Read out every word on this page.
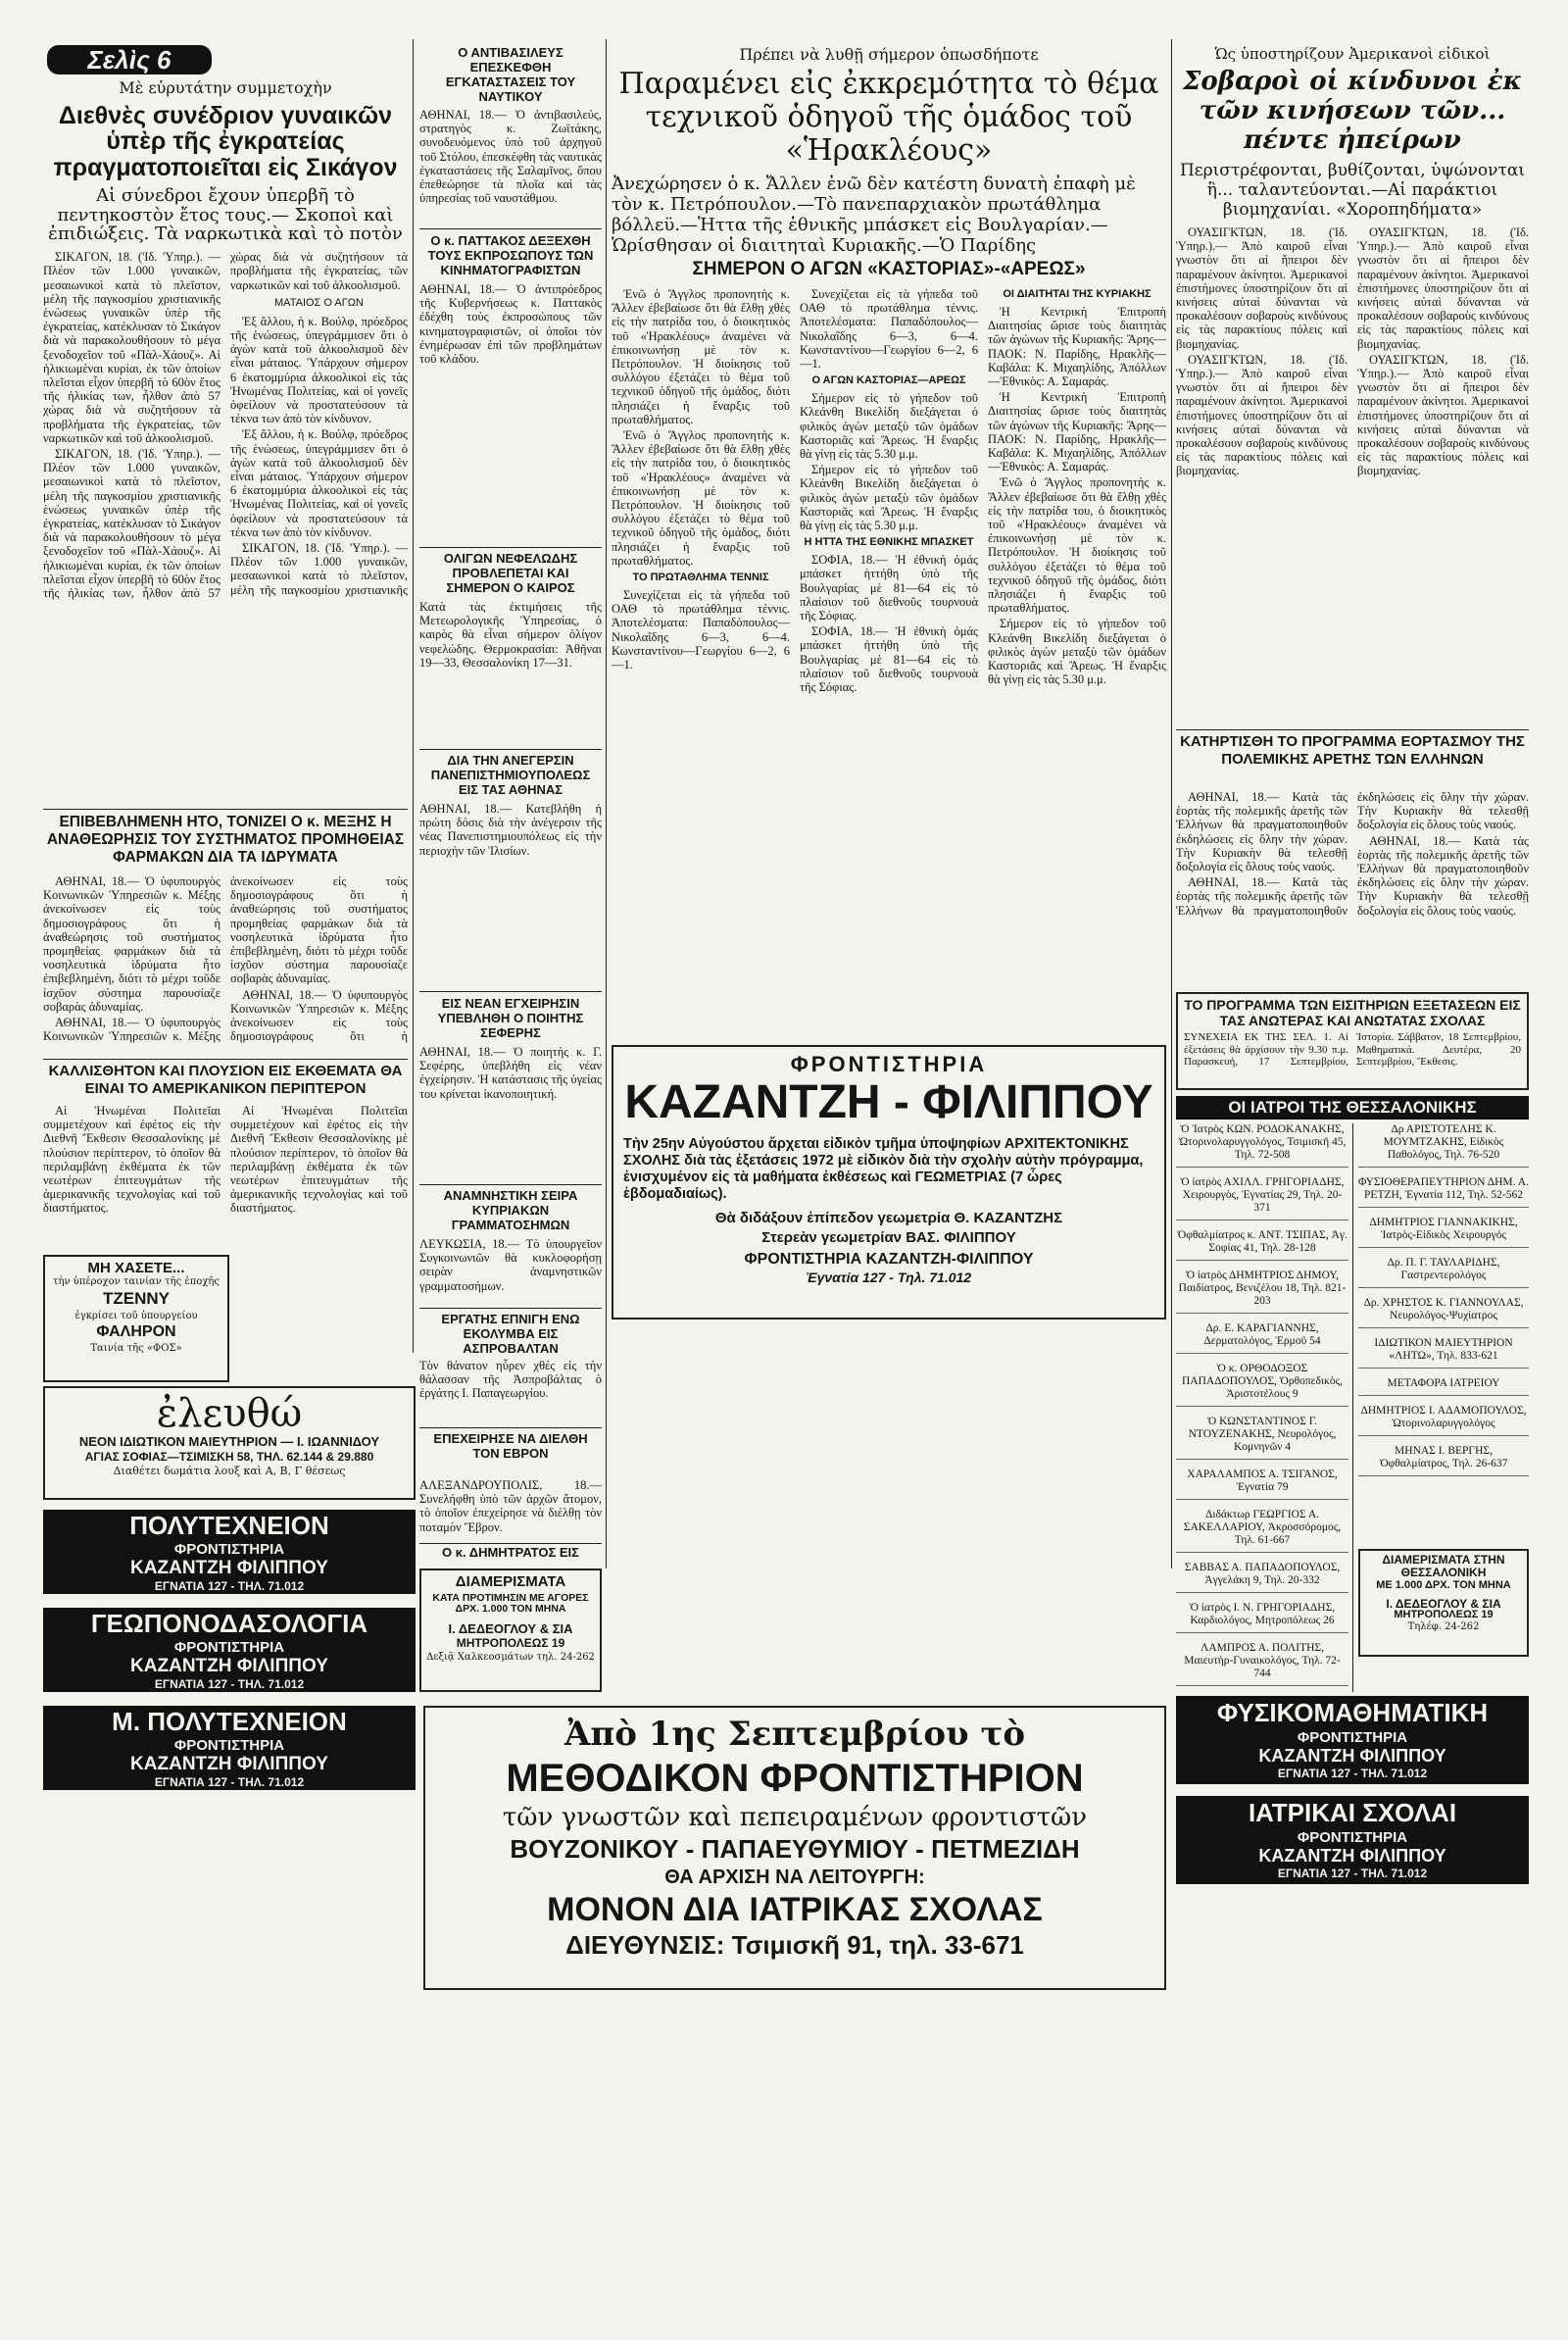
Σελὶς 6
Μὲ εὐρυτάτην συμμετοχὴν
Διεθνὲς συνέδριον γυναικῶν ὑπὲρ τῆς ἐγκρατείας πραγματοποιεῖται εἰς Σικάγον
Αἱ σύνεδροι ἔχουν ὑπερβῆ τὸ πεντηκοστὸν ἔτος τους.— Σκοποὶ καὶ ἐπιδιώξεις. Τὰ ναρκωτικὰ καὶ τὸ ποτὸν

ΣΙΚΑΓΟΝ, 18. ('Ιδ. 'Υπηρ.). — Πλέον τῶν 1.000 γυναικῶν, μεσαιωνικοὶ κατὰ τὸ πλεῖστον, μέλη τῆς παγκοσμίου χριστιανικῆς ἑνώσεως γυναικῶν ὑπὲρ τῆς ἐγκρατείας, κατέκλυσαν τὸ Σικάγον διὰ νὰ παρακολουθήσουν τὸ μέγα ξενοδοχεῖον τοῦ «Πὰλ-Χάουζ». Αἱ ἡλικιωμέναι κυρίαι, ἐκ τῶν ὁποίων πλεῖσται εἶχον ὑπερβῆ τὸ 60ὸν ἔτος τῆς ἡλικίας των, ἦλθον ἀπὸ 57 χώρας διὰ νὰ συζητήσουν τὰ προβλήματα τῆς ἐγκρατείας, τῶν ναρκωτικῶν καὶ τοῦ ἀλκοολισμοῦ.

ΣΙΚΑΓΟΝ, 18. ('Ιδ. 'Υπηρ.). — Πλέον τῶν 1.000 γυναικῶν, μεσαιωνικοὶ κατὰ τὸ πλεῖστον, μέλη τῆς παγκοσμίου χριστιανικῆς ἑνώσεως γυναικῶν ὑπὲρ τῆς ἐγκρατείας, κατέκλυσαν τὸ Σικάγον διὰ νὰ παρακολουθήσουν τὸ μέγα ξενοδοχεῖον τοῦ «Πὰλ-Χάουζ». Αἱ ἡλικιωμέναι κυρίαι, ἐκ τῶν ὁποίων πλεῖσται εἶχον ὑπερβῆ τὸ 60ὸν ἔτος τῆς ἡλικίας των, ἦλθον ἀπὸ 57 χώρας διὰ νὰ συζητήσουν τὰ προβλήματα τῆς ἐγκρατείας, τῶν ναρκωτικῶν καὶ τοῦ ἀλκοολισμοῦ.

ΜΑΤΑΙΟΣ Ο ΑΓΩΝ

Ἐξ ἄλλου, ἡ κ. Βούλφ, πρόεδρος τῆς ἑνώσεως, ὑπεγράμμισεν ὅτι ὁ ἀγὼν κατὰ τοῦ ἀλκοολισμοῦ δὲν εἶναι μάταιος. Ὑπάρχουν σήμερον 6 ἑκατομμύρια ἀλκοολικοὶ εἰς τὰς Ἡνωμένας Πολιτείας, καὶ οἱ γονεῖς ὀφείλουν νὰ προστατεύσουν τὰ τέκνα των ἀπὸ τὸν κίνδυνον.

Ἐξ ἄλλου, ἡ κ. Βούλφ, πρόεδρος τῆς ἑνώσεως, ὑπεγράμμισεν ὅτι ὁ ἀγὼν κατὰ τοῦ ἀλκοολισμοῦ δὲν εἶναι μάταιος. Ὑπάρχουν σήμερον 6 ἑκατομμύρια ἀλκοολικοὶ εἰς τὰς Ἡνωμένας Πολιτείας, καὶ οἱ γονεῖς ὀφείλουν νὰ προστατεύσουν τὰ τέκνα των ἀπὸ τὸν κίνδυνον.

ΣΙΚΑΓΟΝ, 18. ('Ιδ. 'Υπηρ.). — Πλέον τῶν 1.000 γυναικῶν, μεσαιωνικοὶ κατὰ τὸ πλεῖστον, μέλη τῆς παγκοσμίου χριστιανικῆς

ΕΠΙΒΕΒΛΗΜΕΝΗ ΗΤΟ, ΤΟΝΙΖΕΙ Ο κ. ΜΕΞΗΣ Η ΑΝΑΘΕΩΡΗΣΙΣ ΤΟΥ ΣΥΣΤΗΜΑΤΟΣ ΠΡΟΜΗΘΕΙΑΣ ΦΑΡΜΑΚΩΝ ΔΙΑ ΤΑ ΙΔΡΥΜΑΤΑ

ΑΘΗΝΑΙ, 18.— Ὁ ὑφυπουργὸς Κοινωνικῶν Ὑπηρεσιῶν κ. Μέξης ἀνεκοίνωσεν εἰς τοὺς δημοσιογράφους ὅτι ἡ ἀναθεώρησις τοῦ συστήματος προμηθείας φαρμάκων διὰ τὰ νοσηλευτικὰ ἱδρύματα ἦτο ἐπιβεβλημένη, διότι τὸ μέχρι τοῦδε ἰσχῦον σύστημα παρουσίαζε σοβαρὰς ἀδυναμίας.

ΑΘΗΝΑΙ, 18.— Ὁ ὑφυπουργὸς Κοινωνικῶν Ὑπηρεσιῶν κ. Μέξης ἀνεκοίνωσεν εἰς τοὺς δημοσιογράφους ὅτι ἡ ἀναθεώρησις τοῦ συστήματος προμηθείας φαρμάκων διὰ τὰ νοσηλευτικὰ ἱδρύματα ἦτο ἐπιβεβλημένη, διότι τὸ μέχρι τοῦδε ἰσχῦον σύστημα παρουσίαζε σοβαρὰς ἀδυναμίας.

ΑΘΗΝΑΙ, 18.— Ὁ ὑφυπουργὸς Κοινωνικῶν Ὑπηρεσιῶν κ. Μέξης ἀνεκοίνωσεν εἰς τοὺς δημοσιογράφους ὅτι ἡ

ΚΑΛΛΙΣΘΗΤΟΝ ΚΑΙ ΠΛΟΥΣΙΟΝ ΕΙΣ ΕΚΘΕΜΑΤΑ ΘΑ ΕΙΝΑΙ ΤΟ ΑΜΕΡΙΚΑΝΙΚΟΝ ΠΕΡΙΠΤΕΡΟΝ

Αἱ Ἡνωμέναι Πολιτεῖαι συμμετέχουν καὶ ἐφέτος εἰς τὴν Διεθνῆ Ἔκθεσιν Θεσσαλονίκης μὲ πλούσιον περίπτερον, τὸ ὁποῖον θὰ περιλαμβάνῃ ἐκθέματα ἐκ τῶν νεωτέρων ἐπιτευγμάτων τῆς ἀμερικανικῆς τεχνολογίας καὶ τοῦ διαστήματος.

Αἱ Ἡνωμέναι Πολιτεῖαι συμμετέχουν καὶ ἐφέτος εἰς τὴν Διεθνῆ Ἔκθεσιν Θεσσαλονίκης μὲ πλούσιον περίπτερον, τὸ ὁποῖον θὰ περιλαμβάνῃ ἐκθέματα ἐκ τῶν νεωτέρων ἐπιτευγμάτων τῆς ἀμερικανικῆς τεχνολογίας καὶ τοῦ διαστήματος.

ΜΗ ΧΑΣΕΤΕ...
τὴν ὑπέροχον ταινίαν τῆς ἐποχῆς
ΤΖΕΝΝΥ
ἐγκρίσει τοῦ ὑπουργείου
ΦΑΛΗΡΟΝ
Ταινία τῆς «ΦΟΣ»
Ο ΑΝΤΙΒΑΣΙΛΕΥΣ ΕΠΕΣΚΕΦΘΗ ΕΓΚΑΤΑΣΤΑΣΕΙΣ ΤΟΥ ΝΑΥΤΙΚΟΥ
ΑΘΗΝΑΙ, 18.— Ὁ ἀντιβασιλεύς, στρατηγὸς κ. Ζωϊτάκης, συνοδευόμενος ὑπὸ τοῦ ἀρχηγοῦ τοῦ Στόλου, ἐπεσκέφθη τὰς ναυτικὰς ἐγκαταστάσεις τῆς Σαλαμῖνος, ὅπου ἐπεθεώρησε τὰ πλοῖα καὶ τὰς ὑπηρεσίας τοῦ ναυστάθμου.
Ο κ. ΠΑΤΤΑΚΟΣ ΔΕΞΕΧΘΗ ΤΟΥΣ ΕΚΠΡΟΣΩΠΟΥΣ ΤΩΝ ΚΙΝΗΜΑΤΟΓΡΑΦΙΣΤΩΝ
ΑΘΗΝΑΙ, 18.— Ὁ ἀντιπρόεδρος τῆς Κυβερνήσεως κ. Παττακὸς ἐδέχθη τοὺς ἐκπροσώπους τῶν κινηματογραφιστῶν, οἱ ὁποῖοι τὸν ἐνημέρωσαν ἐπὶ τῶν προβλημάτων τοῦ κλάδου.
ΟΛΙΓΩΝ ΝΕΦΕΛΩΔΗΣ ΠΡΟΒΛΕΠΕΤΑΙ ΚΑΙ ΣΗΜΕΡΟΝ Ο ΚΑΙΡΟΣ
Κατὰ τὰς ἐκτιμήσεις τῆς Μετεωρολογικῆς Ὑπηρεσίας, ὁ καιρὸς θὰ εἶναι σήμερον ὀλίγον νεφελώδης. Θερμοκρασίαι: Ἀθῆναι 19—33, Θεσσαλονίκη 17—31.
ΔΙΑ ΤΗΝ ΑΝΕΓΕΡΣΙΝ ΠΑΝΕΠΙΣΤΗΜΙΟΥΠΟΛΕΩΣ ΕΙΣ ΤΑΣ ΑΘΗΝΑΣ
ΑΘΗΝΑΙ, 18.— Κατεβλήθη ἡ πρώτη δόσις διὰ τὴν ἀνέγερσιν τῆς νέας Πανεπιστημιουπόλεως εἰς τὴν περιοχὴν τῶν Ἰλισίων.
ΕΙΣ ΝΕΑΝ ΕΓΧΕΙΡΗΣΙΝ ΥΠΕΒΛΗΘΗ Ο ΠΟΙΗΤΗΣ ΣΕΦΕΡΗΣ
ΑΘΗΝΑΙ, 18.— Ὁ ποιητὴς κ. Γ. Σεφέρης, ὑπεβλήθη εἰς νέαν ἐγχείρησιν. Ἡ κατάστασις τῆς ὑγείας του κρίνεται ἱκανοποιητική.
ΑΝΑΜΝΗΣΤΙΚΗ ΣΕΙΡΑ ΚΥΠΡΙΑΚΩΝ ΓΡΑΜΜΑΤΟΣΗΜΩΝ
ΛΕΥΚΩΣΙΑ, 18.— Τὸ ὑπουργεῖον Συγκοινωνιῶν θὰ κυκλοφορήσῃ σειρὰν ἀναμνηστικῶν γραμματοσήμων.
ΕΡΓΑΤΗΣ ΕΠΝΙΓΗ ΕΝΩ ΕΚΟΛΥΜΒΑ ΕΙΣ ΑΣΠΡΟΒΑΛΤΑΝ
Τὸν θάνατον ηὗρεν χθές εἰς τὴν θάλασσαν τῆς Ἀσπροβάλτας ὁ ἐργάτης Ι. Παπαγεωργίου.
ΕΠΕΧΕΙΡΗΣΕ ΝΑ ΔΙΕΛΘΗ ΤΟΝ ΕΒΡΟΝ
ΑΛΕΞΑΝΔΡΟΥΠΟΛΙΣ, 18.— Συνελήφθη ὑπὸ τῶν ἀρχῶν ἄτομον, τὸ ὁποῖον ἐπεχείρησε νὰ διέλθῃ τὸν ποταμὸν Ἕβρον.
Ο κ. ΔΗΜΗΤΡΑΤΟΣ ΕΙΣ
ΔΙΑΜΕΡΙΣΜΑΤΑ
ΚΑΤΑ ΠΡΟΤΙΜΗΣΙΝ ΜΕ ΑΓΟΡΕΣ ΔΡΧ. 1.000 ΤΟΝ ΜΗΝΑ
Ι. ΔΕΔΕΟΓΛΟΥ & ΣΙΑ
ΜΗΤΡΟΠΟΛΕΩΣ 19
Δεξιᾷ Χαλκεοσμάτων τηλ. 24-262
ἐλευθώ
ΝΕΟΝ ΙΔΙΩΤΙΚΟΝ ΜΑΙΕΥΤΗΡΙΟΝ — Ι. ΙΩΑΝΝΙΔΟΥ
ΑΓΙΑΣ ΣΟΦΙΑΣ—ΤΣΙΜΙΣΚΗ 58, ΤΗΛ. 62.144 & 29.880
Διαθέτει δωμάτια λουξ καὶ Α, Β, Γ θέσεως
ΠΟΛΥΤΕΧΝΕΙΟΝ
ΦΡΟΝΤΙΣΤΗΡΙΑ
ΚΑΖΑΝΤΖΗ ΦΙΛΙΠΠΟΥ
ΕΓΝΑΤΙΑ 127 - ΤΗΛ. 71.012
ΓΕΩΠΟΝΟΔΑΣΟΛΟΓΙΑ
ΦΡΟΝΤΙΣΤΗΡΙΑ
ΚΑΖΑΝΤΖΗ ΦΙΛΙΠΠΟΥ
ΕΓΝΑΤΙΑ 127 - ΤΗΛ. 71.012
Μ. ΠΟΛΥΤΕΧΝΕΙΟΝ
ΦΡΟΝΤΙΣΤΗΡΙΑ
ΚΑΖΑΝΤΖΗ ΦΙΛΙΠΠΟΥ
ΕΓΝΑΤΙΑ 127 - ΤΗΛ. 71.012
Πρέπει νὰ λυθῇ σήμερον ὁπωσδήποτε
Παραμένει εἰς ἐκκρεμότητα τὸ θέμα τεχνικοῦ ὁδηγοῦ τῆς ὁμάδος τοῦ «Ἡρακλέους»
Ἀνεχώρησεν ὁ κ. Ἄλλεν ἐνῶ δὲν κατέστη δυνατὴ ἐπαφὴ μὲ τὸν κ. Πετρόπουλον.—Τὸ πανεπαρχιακὸν πρωτάθλημα βόλλεϋ.—Ἡττα τῆς ἐθνικῆς μπάσκετ εἰς Βουλγαρίαν.— Ὡρίσθησαν οἱ διαιτηταὶ Κυριακῆς.—Ὁ Παρίδης
ΣΗΜΕΡΟΝ Ο ΑΓΩΝ «ΚΑΣΤΟΡΙΑΣ»-«ΑΡΕΩΣ»

Ἐνῶ ὁ Ἄγγλος προπονητὴς κ. Ἄλλεν ἐβεβαίωσε ὅτι θὰ ἔλθῃ χθὲς εἰς τὴν πατρίδα του, ὁ διοικητικὸς τοῦ «Ἡρακλέους» ἀναμένει νὰ ἐπικοινωνήσῃ μὲ τὸν κ. Πετρόπουλον. Ἡ διοίκησις τοῦ συλλόγου ἐξετάζει τὸ θέμα τοῦ τεχνικοῦ ὁδηγοῦ τῆς ὁμάδος, διότι πλησιάζει ἡ ἔναρξις τοῦ πρωταθλήματος.

Ἐνῶ ὁ Ἄγγλος προπονητὴς κ. Ἄλλεν ἐβεβαίωσε ὅτι θὰ ἔλθῃ χθὲς εἰς τὴν πατρίδα του, ὁ διοικητικὸς τοῦ «Ἡρακλέους» ἀναμένει νὰ ἐπικοινωνήσῃ μὲ τὸν κ. Πετρόπουλον. Ἡ διοίκησις τοῦ συλλόγου ἐξετάζει τὸ θέμα τοῦ τεχνικοῦ ὁδηγοῦ τῆς ὁμάδος, διότι πλησιάζει ἡ ἔναρξις τοῦ πρωταθλήματος.

ΤΟ ΠΡΩΤΑΘΛΗΜΑ ΤΕΝΝΙΣ

Συνεχίζεται εἰς τὰ γήπεδα τοῦ ΟΑΘ τὸ πρωτάθλημα τέννις. Ἀποτελέσματα: Παπαδόπουλος—Νικολαΐδης 6—3, 6—4. Κωνσταντίνου—Γεωργίου 6—2, 6—1.

Συνεχίζεται εἰς τὰ γήπεδα τοῦ ΟΑΘ τὸ πρωτάθλημα τέννις. Ἀποτελέσματα: Παπαδόπουλος—Νικολαΐδης 6—3, 6—4. Κωνσταντίνου—Γεωργίου 6—2, 6—1.

Ο ΑΓΩΝ ΚΑΣΤΟΡΙΑΣ—ΑΡΕΩΣ

Σήμερον εἰς τὸ γήπεδον τοῦ Κλεάνθη Βικελίδη διεξάγεται ὁ φιλικὸς ἀγὼν μεταξὺ τῶν ὁμάδων Καστοριᾶς καὶ Ἄρεως. Ἡ ἔναρξις θὰ γίνῃ εἰς τὰς 5.30 μ.μ.

Σήμερον εἰς τὸ γήπεδον τοῦ Κλεάνθη Βικελίδη διεξάγεται ὁ φιλικὸς ἀγὼν μεταξὺ τῶν ὁμάδων Καστοριᾶς καὶ Ἄρεως. Ἡ ἔναρξις θὰ γίνῃ εἰς τὰς 5.30 μ.μ.

Η ΗΤΤΑ ΤΗΣ ΕΘΝΙΚΗΣ ΜΠΑΣΚΕΤ

ΣΟΦΙΑ, 18.— Ἡ ἐθνικὴ ὁμάς μπάσκετ ἡττήθη ὑπὸ τῆς Βουλγαρίας μὲ 81—64 εἰς τὸ πλαίσιον τοῦ διεθνοῦς τουρνουὰ τῆς Σόφιας.

ΣΟΦΙΑ, 18.— Ἡ ἐθνικὴ ὁμάς μπάσκετ ἡττήθη ὑπὸ τῆς Βουλγαρίας μὲ 81—64 εἰς τὸ πλαίσιον τοῦ διεθνοῦς τουρνουὰ τῆς Σόφιας.

ΟΙ ΔΙΑΙΤΗΤΑΙ ΤΗΣ ΚΥΡΙΑΚΗΣ

Ἡ Κεντρικὴ Ἐπιτροπὴ Διαιτησίας ὥρισε τοὺς διαιτητὰς τῶν ἀγώνων τῆς Κυριακῆς: Ἄρης—ΠΑΟΚ: Ν. Παρίδης, Ηρακλῆς—Καβάλα: Κ. Μιχαηλίδης, Ἀπόλλων—Ἐθνικὸς: Α. Σαμαράς.

Ἡ Κεντρικὴ Ἐπιτροπὴ Διαιτησίας ὥρισε τοὺς διαιτητὰς τῶν ἀγώνων τῆς Κυριακῆς: Ἄρης—ΠΑΟΚ: Ν. Παρίδης, Ηρακλῆς—Καβάλα: Κ. Μιχαηλίδης, Ἀπόλλων—Ἐθνικὸς: Α. Σαμαράς.

Ἐνῶ ὁ Ἄγγλος προπονητὴς κ. Ἄλλεν ἐβεβαίωσε ὅτι θὰ ἔλθῃ χθὲς εἰς τὴν πατρίδα του, ὁ διοικητικὸς τοῦ «Ἡρακλέους» ἀναμένει νὰ ἐπικοινωνήσῃ μὲ τὸν κ. Πετρόπουλον. Ἡ διοίκησις τοῦ συλλόγου ἐξετάζει τὸ θέμα τοῦ τεχνικοῦ ὁδηγοῦ τῆς ὁμάδος, διότι πλησιάζει ἡ ἔναρξις τοῦ πρωταθλήματος.

Σήμερον εἰς τὸ γήπεδον τοῦ Κλεάνθη Βικελίδη διεξάγεται ὁ φιλικὸς ἀγὼν μεταξὺ τῶν ὁμάδων Καστοριᾶς καὶ Ἄρεως. Ἡ ἔναρξις θὰ γίνῃ εἰς τὰς 5.30 μ.μ.

ΦΡΟΝΤΙΣΤΗΡΙΑ
ΚΑΖΑΝΤΖΗ - ΦΙΛΙΠΠΟΥ
Τὴν 25ην Αὐγούστου ἄρχεται εἰδικὸν τμῆμα ὑποψηφίων ΑΡΧΙΤΕΚΤΟΝΙΚΗΣ ΣΧΟΛΗΣ διὰ τὰς ἐξετάσεις 1972 μὲ εἰδικὸν διὰ τὴν σχολὴν αὐτὴν πρόγραμμα, ἐνισχυμένον εἰς τὰ μαθήματα ἐκθέσεως καὶ ΓΕΩΜΕΤΡΙΑΣ (7 ὧρες ἑβδομαδιαίως).
Θὰ διδάξουν ἐπίπεδον γεωμετρία Θ. ΚΑΖΑΝΤΖΗΣ
Στερεὰν γεωμετρίαν ΒΑΣ. ΦΙΛΙΠΠΟΥ
ΦΡΟΝΤΙΣΤΗΡΙΑ ΚΑΖΑΝΤΖΗ-ΦΙΛΙΠΠΟΥ
Ἐγνατία 127 - Τηλ. 71.012
Ἀπὸ 1ης Σεπτεμβρίου τὸ
ΜΕΘΟΔΙΚΟΝ ΦΡΟΝΤΙΣΤΗΡΙΟΝ
τῶν γνωστῶν καὶ πεπειραμένων φροντιστῶν
ΒΟΥΖΟΝΙΚΟΥ - ΠΑΠΑΕΥΘΥΜΙΟΥ - ΠΕΤΜΕΖΙΔΗ
ΘΑ ΑΡΧΙΣΗ ΝΑ ΛΕΙΤΟΥΡΓΗ:
ΜΟΝΟΝ ΔΙΑ ΙΑΤΡΙΚΑΣ ΣΧΟΛΑΣ
ΔΙΕΥΘΥΝΣΙΣ: Τσιμισκῆ 91, τηλ. 33-671
Ὡς ὑποστηρίζουν Ἀμερικανοὶ εἰδικοὶ
Σοβαροὶ οἱ κίνδυνοι ἐκ τῶν κινήσεων τῶν... πέντε ἠπείρων
Περιστρέφονται, βυθίζονται, ὑψώνονται ἢ... ταλαντεύονται.—Αἱ παράκτιοι βιομηχανίαι. «Χοροπηδήματα»

ΟΥΑΣΙΓΚΤΩΝ, 18. (Ἰδ. Ὑπηρ.).— Ἀπὸ καιροῦ εἶναι γνωστὸν ὅτι αἱ ἤπειροι δὲν παραμένουν ἀκίνητοι. Ἀμερικανοὶ ἐπιστήμονες ὑποστηρίζουν ὅτι αἱ κινήσεις αὐταὶ δύνανται νὰ προκαλέσουν σοβαροὺς κινδύνους εἰς τὰς παρακτίους πόλεις καὶ βιομηχανίας.

ΟΥΑΣΙΓΚΤΩΝ, 18. (Ἰδ. Ὑπηρ.).— Ἀπὸ καιροῦ εἶναι γνωστὸν ὅτι αἱ ἤπειροι δὲν παραμένουν ἀκίνητοι. Ἀμερικανοὶ ἐπιστήμονες ὑποστηρίζουν ὅτι αἱ κινήσεις αὐταὶ δύνανται νὰ προκαλέσουν σοβαροὺς κινδύνους εἰς τὰς παρακτίους πόλεις καὶ βιομηχανίας.

ΟΥΑΣΙΓΚΤΩΝ, 18. (Ἰδ. Ὑπηρ.).— Ἀπὸ καιροῦ εἶναι γνωστὸν ὅτι αἱ ἤπειροι δὲν παραμένουν ἀκίνητοι. Ἀμερικανοὶ ἐπιστήμονες ὑποστηρίζουν ὅτι αἱ κινήσεις αὐταὶ δύνανται νὰ προκαλέσουν σοβαροὺς κινδύνους εἰς τὰς παρακτίους πόλεις καὶ βιομηχανίας.

ΟΥΑΣΙΓΚΤΩΝ, 18. (Ἰδ. Ὑπηρ.).— Ἀπὸ καιροῦ εἶναι γνωστὸν ὅτι αἱ ἤπειροι δὲν παραμένουν ἀκίνητοι. Ἀμερικανοὶ ἐπιστήμονες ὑποστηρίζουν ὅτι αἱ κινήσεις αὐταὶ δύνανται νὰ προκαλέσουν σοβαροὺς κινδύνους εἰς τὰς παρακτίους πόλεις καὶ βιομηχανίας.

ΚΑΤΗΡΤΙΣΘΗ ΤΟ ΠΡΟΓΡΑΜΜΑ ΕΟΡΤΑΣΜΟΥ ΤΗΣ ΠΟΛΕΜΙΚΗΣ ΑΡΕΤΗΣ ΤΩΝ ΕΛΛΗΝΩΝ

ΑΘΗΝΑΙ, 18.— Κατὰ τὰς ἑορτὰς τῆς πολεμικῆς ἀρετῆς τῶν Ἑλλήνων θὰ πραγματοποιηθοῦν ἐκδηλώσεις εἰς ὅλην τὴν χώραν. Τὴν Κυριακὴν θὰ τελεσθῇ δοξολογία εἰς ὅλους τοὺς ναούς.

ΑΘΗΝΑΙ, 18.— Κατὰ τὰς ἑορτὰς τῆς πολεμικῆς ἀρετῆς τῶν Ἑλλήνων θὰ πραγματοποιηθοῦν ἐκδηλώσεις εἰς ὅλην τὴν χώραν. Τὴν Κυριακὴν θὰ τελεσθῇ δοξολογία εἰς ὅλους τοὺς ναούς.

ΑΘΗΝΑΙ, 18.— Κατὰ τὰς ἑορτὰς τῆς πολεμικῆς ἀρετῆς τῶν Ἑλλήνων θὰ πραγματοποιηθοῦν ἐκδηλώσεις εἰς ὅλην τὴν χώραν. Τὴν Κυριακὴν θὰ τελεσθῇ δοξολογία εἰς ὅλους τοὺς ναούς.

ΤΟ ΠΡΟΓΡΑΜΜΑ ΤΩΝ ΕΙΣΙΤΗΡΙΩΝ ΕΞΕΤΑΣΕΩΝ ΕΙΣ ΤΑΣ ΑΝΩΤΕΡΑΣ ΚΑΙ ΑΝΩΤΑΤΑΣ ΣΧΟΛΑΣ
ΣΥΝΕΧΕΙΑ ΕΚ ΤΗΣ ΣΕΛ. 1. Αἱ ἐξετάσεις θὰ ἀρχίσουν τὴν 9.30 π.μ. Παρασκευή, 17 Σεπτεμβρίου, Ἱστορία. Σάββατον, 18 Σεπτεμβρίου, Μαθηματικά. Δευτέρα, 20 Σεπτεμβρίου, Ἔκθεσις.
ΟΙ ΙΑΤΡΟΙ ΤΗΣ ΘΕΣΣΑΛΟΝΙΚΗΣ
Ὁ Ἰατρὸς ΚΩΝ. ΡΟΔΟΚΑΝΑΚΗΣ, Ὠτορινολαρυγγολόγος, Τσιμισκῆ 45, Τηλ. 72-508
Ὁ ἰατρὸς ΑΧΙΛΛ. ΓΡΗΓΟΡΙΑΔΗΣ, Χειρουργὸς, Ἐγνατίας 29, Τηλ. 20-371
Ὀφθαλμίατρος κ. ΑΝΤ. ΤΣΙΠΑΣ, Ἁγ. Σοφίας 41, Τηλ. 28-128
Ὁ ἰατρὸς ΔΗΜΗΤΡΙΟΣ ΔΗΜΟΥ, Παιδίατρος, Βενιζέλου 18, Τηλ. 821-203
Δρ. Ε. ΚΑΡΑΓΙΑΝΝΗΣ, Δερματολόγος, Ἐρμοῦ 54
Ὁ κ. ΟΡΘΟΔΟΞΟΣ ΠΑΠΑΔΟΠΟΥΛΟΣ, Ὀρθοπεδικὸς, Ἀριστοτέλους 9
Ὁ ΚΩΝΣΤΑΝΤΙΝΟΣ Γ. ΝΤΟΥΖΕΝΑΚΗΣ, Νευρολόγος, Κομνηνῶν 4
ΧΑΡΑΛΑΜΠΟΣ Α. ΤΣΙΓΑΝΟΣ, Ἐγνατία 79
Διδάκτωρ ΓΕΩΡΓΙΟΣ Α. ΣΑΚΕΛΛΑΡΙΟΥ, Ἀκροσσόρομος, Τηλ. 61-667
ΣΑΒΒΑΣ Α. ΠΑΠΑΔΟΠΟΥΛΟΣ, Ἀγγελάκη 9, Τηλ. 20-332
Ὁ ἰατρὸς Ι. Ν. ΓΡΗΓΟΡΙΑΔΗΣ, Καρδιολόγος, Μητροπόλεως 26
ΛΑΜΠΡΟΣ Α. ΠΟΛΙΤΗΣ, Μαιευτὴρ-Γυναικολόγος, Τηλ. 72-744
Δρ ΑΡΙΣΤΟΤΕΛΗΣ Κ. ΜΟΥΜΤΖΑΚΗΣ, Εἰδικὸς Παθολόγος, Τηλ. 76-520
ΦΥΣΙΟΘΕΡΑΠΕΥΤΗΡΙΟΝ ΔΗΜ. Α. ΡΕΤΖΗ, Ἐγνατία 112, Τηλ. 52-562
ΔΗΜΗΤΡΙΟΣ ΓΙΑΝΝΑΚΙΚΗΣ, Ἰατρὸς-Εἰδικὸς Χειρουργός
Δρ. Π. Γ. ΤΑΥΛΑΡΙΔΗΣ, Γαστρεντερολόγος
Δρ. ΧΡΗΣΤΟΣ Κ. ΓΙΑΝΝΟΥΛΑΣ, Νευρολόγος-Ψυχίατρος
ΙΔΙΩΤΙΚΟΝ ΜΑΙΕΥΤΗΡΙΟΝ «ΛΗΤΩ», Τηλ. 833-621
ΜΕΤΑΦΟΡΑ ΙΑΤΡΕΙΟΥ
ΔΗΜΗΤΡΙΟΣ Ι. ΑΔΑΜΟΠΟΥΛΟΣ, Ὠτορινολαρυγγολόγος
ΜΗΝΑΣ Ι. ΒΕΡΓΗΣ, Ὀφθαλμίατρος, Τηλ. 26-637
ΔΙΑΜΕΡΙΣΜΑΤΑ ΣΤΗΝ ΘΕΣΣΑΛΟΝΙΚΗ
ΜΕ 1.000 ΔΡΧ. ΤΟΝ ΜΗΝΑ
Ι. ΔΕΔΕΟΓΛΟΥ & ΣΙΑ
ΜΗΤΡΟΠΟΛΕΩΣ 19
Τηλέφ. 24-262
ΦΥΣΙΚΟΜΑΘΗΜΑΤΙΚΗ
ΦΡΟΝΤΙΣΤΗΡΙΑ
ΚΑΖΑΝΤΖΗ ΦΙΛΙΠΠΟΥ
ΕΓΝΑΤΙΑ 127 - ΤΗΛ. 71.012
ΙΑΤΡΙΚΑΙ ΣΧΟΛΑΙ
ΦΡΟΝΤΙΣΤΗΡΙΑ
ΚΑΖΑΝΤΖΗ ΦΙΛΙΠΠΟΥ
ΕΓΝΑΤΙΑ 127 - ΤΗΛ. 71.012
